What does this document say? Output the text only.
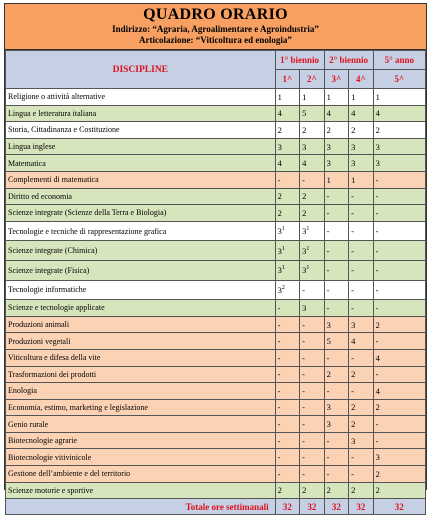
QUADRO ORARIO
Indirizzo: “Agraria, Agroalimentare e Agroindustria”
Articolazione: “Viticoltura ed enologia”
DISCIPLINE	1° biennio		2° biennio		5° anno
	1^	2^	3^	4^	5^
Religione o attività alternative	1	1	1	1	1
Lingua e letteratura italiana	4	5	4	4	4
Storia, Cittadinanza e Costituzione	2	2	2	2	2
Lingua inglese	3	3	3	3	3
Matematica	4	4	3	3	3
Complementi di matematica	-	-	1	1	-
Diritto ed economia	2	2	-	-	-
Scienze integrate (Scienze della Terra e Biologia)	2	2	-	-	-
Tecnologie e tecniche di rappresentazione grafica	$3^1$	$3^1$	-	-	-
Scienze integrate (Chimica)	$3^1$	$3^1$	-	-	-
Scienze integrate (Fisica)	$3^1$	$3^1$	-	-	-
Tecnologie informatiche	$3^2$	-	-	-	-
Scienze e tecnologie applicate	-	3	-	-	-
Produzioni animali	-	-	3	3	2
Produzioni vegetali	-	-	5	4	-
Viticoltura e difesa della vite	-	-	-	-	4
Trasformazioni dei prodotti	-	-	2	2	-
Enologia	-	-	-	-	4
Economia, estimo, marketing e legislazione	-	-	3	2	2
Genio rurale	-	-	3	2	-
Biotecnologie agrarie	-	-	-	3	-
Biotecnologie vitivinicole	-	-	-	-	3
Gestione dell’ambiente e del territorio	-	-	-	-	2
Scienze motorie e sportive	2	2	2	2	2
Totale ore settimanali	32	32	32	32	32
